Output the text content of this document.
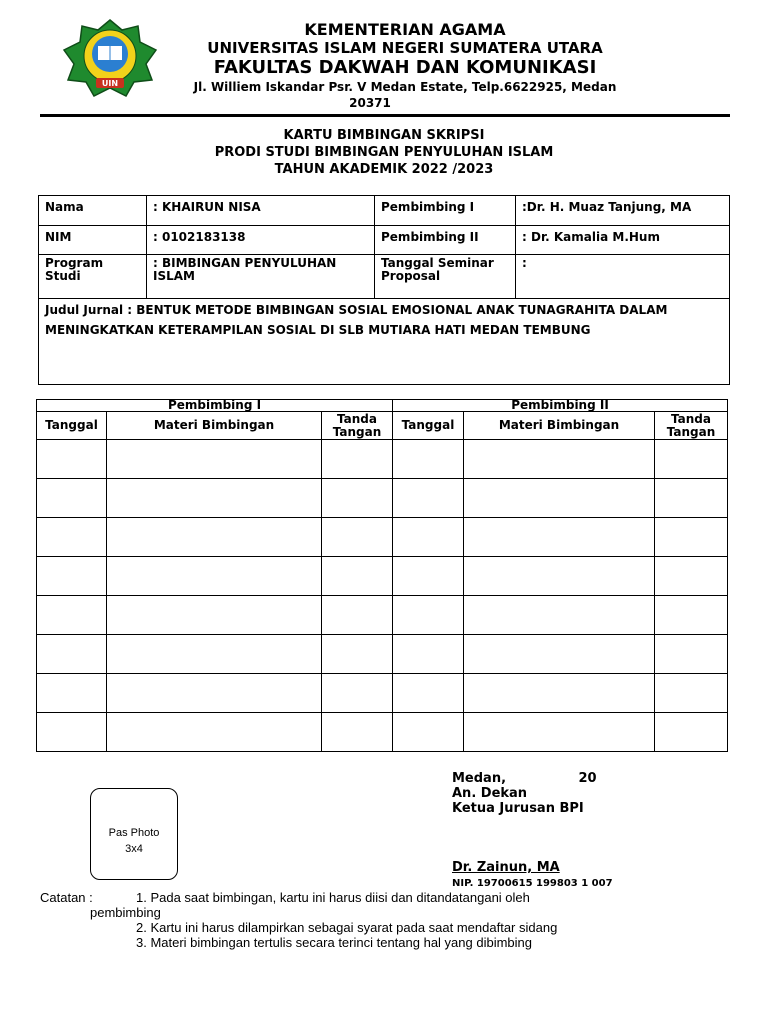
UIN
KEMENTERIAN AGAMA
UNIVERSITAS ISLAM NEGERI SUMATERA UTARA
FAKULTAS DAKWAH DAN KOMUNIKASI
Jl. Williem Iskandar Psr. V Medan Estate, Telp.6622925, Medan
20371
KARTU BIMBINGAN SKRIPSI
PRODI STUDI BIMBINGAN PENYULUHAN ISLAM
TAHUN AKADEMIK 2022 /2023
Nama	: KHAIRUN NISA	Pembimbing I	:Dr. H. Muaz Tanjung, MA
NIM	: 0102183138	Pembimbing II	: Dr. Kamalia M.Hum
Program Studi	: BIMBINGAN PENYULUHAN ISLAM	Tanggal Seminar Proposal	:
Judul Jurnal : BENTUK METODE BIMBINGAN SOSIAL EMOSIONAL ANAK TUNAGRAHITA DALAM MENINGKATKAN KETERAMPILAN SOSIAL DI SLB MUTIARA HATI MEDAN TEMBUNG			
Pembimbing I			Pembimbing II		
Tanggal	Materi Bimbingan	Tanda Tangan	Tanggal	Materi Bimbingan	Tanda Tangan

Medan,                20
An. Dekan
Ketua Jurusan BPI
Dr. Zainun, MA
NIP. 19700615 199803 1 007
Pas Photo
3x4
Catatan :	1. Pada saat bimbingan, kartu ini harus diisi dan ditandatangani oleh
pembimbing
2. Kartu ini harus dilampirkan sebagai syarat pada saat mendaftar sidang
3. Materi bimbingan tertulis secara terinci tentang hal yang dibimbing
